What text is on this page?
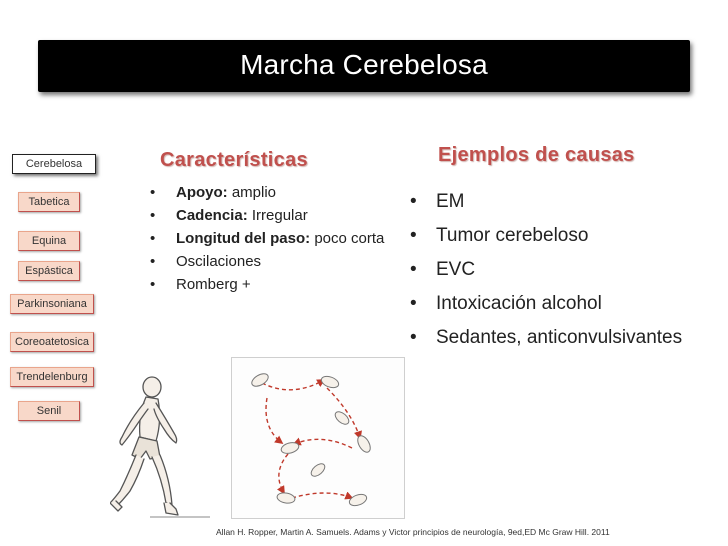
Marcha Cerebelosa
Cerebelosa
Tabetica
Equina
Espástica
Parkinsoniana
Coreoatetosica
Trendelenburg
Senil
Características
• Apoyo: amplio
• Cadencia: Irregular
• Longitud del paso: poco corta
• Oscilaciones
• Romberg +
Ejemplos de causas
• EM
• Tumor cerebeloso
• EVC
• Intoxicación alcohol
• Sedantes, anticonvulsivantes
Allan H. Ropper, Martin A. Samuels. Adams y Victor principios de neurología, 9ed,ED Mc Graw Hill. 2011
